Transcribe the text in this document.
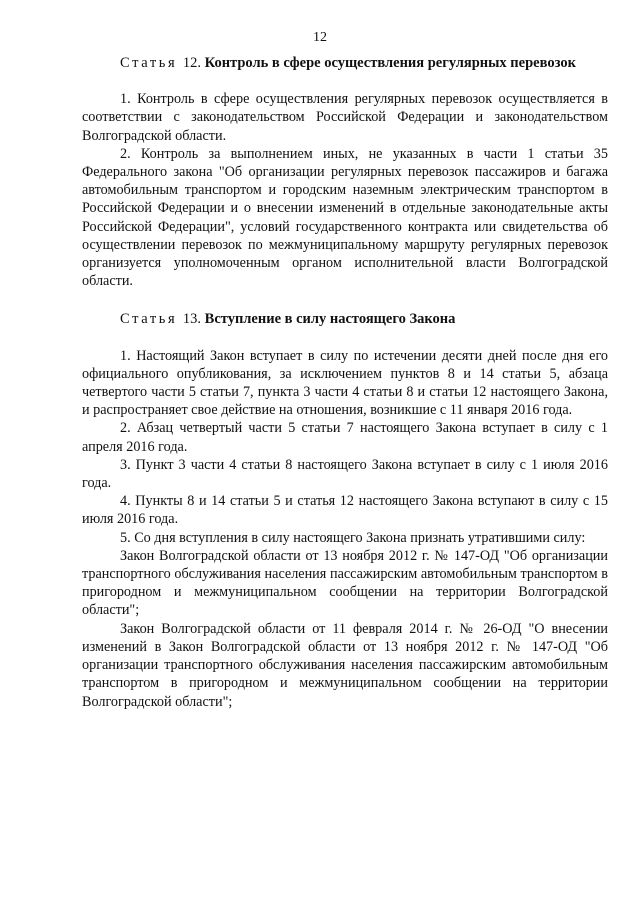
12
Статья 12. Контроль в сфере осуществления регулярных перевозок

1. Контроль в сфере осуществления регулярных перевозок осуществляется в соответствии с законодательством Российской Федерации и законодательством Волгоградской области.

2. Контроль за выполнением иных, не указанных в части 1 статьи 35 Федерального закона "Об организации регулярных перевозок пассажиров и багажа автомобильным транспортом и городским наземным электрическим транспортом в Российской Федерации и о внесении изменений в отдельные законодательные акты Российской Федерации", условий государственного контракта или свидетельства об осуществлении перевозок по межмуниципальному маршруту регулярных перевозок организуется уполномоченным органом исполнительной власти Волгоградской области.

Статья 13. Вступление в силу настоящего Закона

1. Настоящий Закон вступает в силу по истечении десяти дней после дня его официального опубликования, за исключением пунктов 8 и 14 статьи 5, абзаца четвертого части 5 статьи 7, пункта 3 части 4 статьи 8 и статьи 12 настоящего Закона, и распространяет свое действие на отношения, возникшие с 11 января 2016 года.

2. Абзац четвертый части 5 статьи 7 настоящего Закона вступает в силу с 1 апреля 2016 года.

3. Пункт 3 части 4 статьи 8 настоящего Закона вступает в силу с 1 июля 2016 года.

4. Пункты 8 и 14 статьи 5 и статья 12 настоящего Закона вступают в силу с 15 июля 2016 года.

5. Со дня вступления в силу настоящего Закона признать утратившими силу:

Закон Волгоградской области от 13 ноября 2012 г. № 147-ОД "Об организации транспортного обслуживания населения пассажирским автомобильным транспортом в пригородном и межмуниципальном сообщении на территории Волгоградской области";

Закон Волгоградской области от 11 февраля 2014 г. № 26-ОД "О внесении изменений в Закон Волгоградской области от 13 ноября 2012 г. № 147-ОД "Об организации транспортного обслуживания населения пассажирским автомобильным транспортом в пригородном и межмуниципальном сообщении на территории Волгоградской области";
